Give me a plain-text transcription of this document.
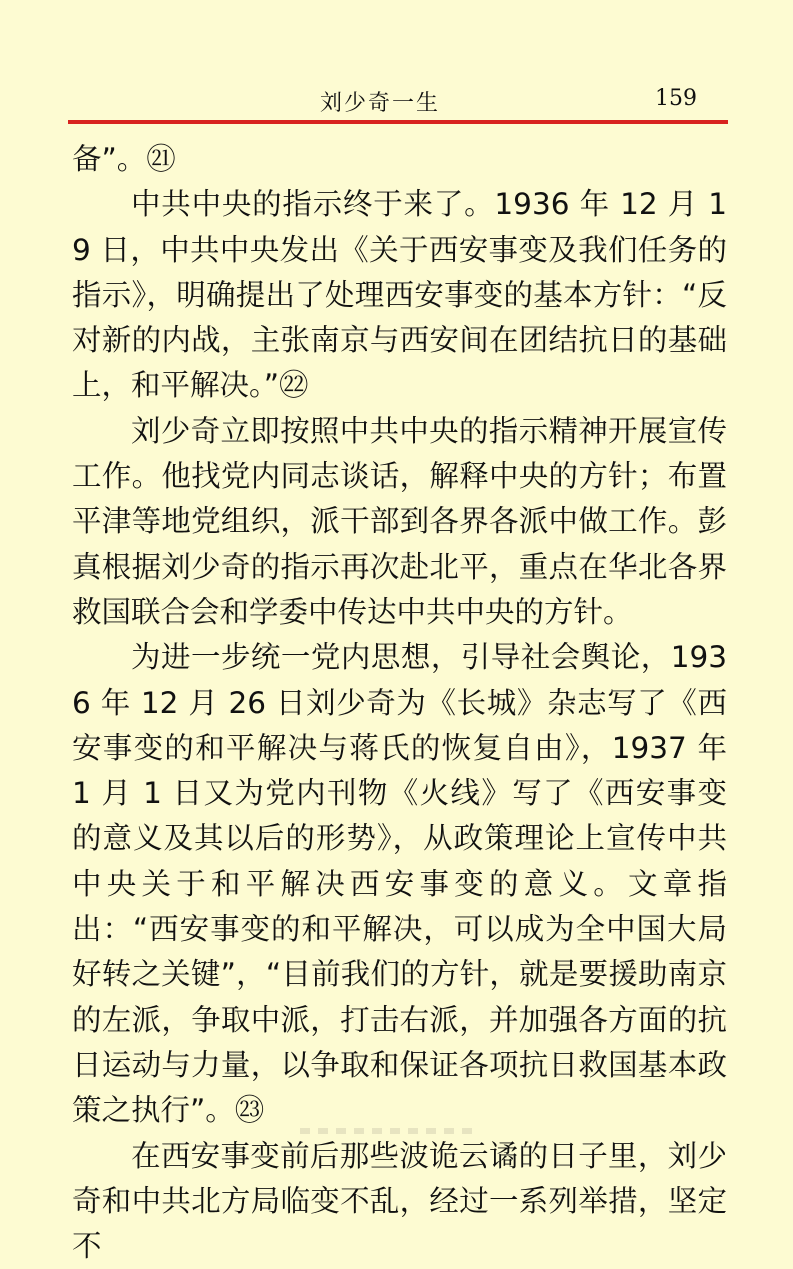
刘少奇一生	159

备”。㉑

中共中央的指示终于来了。1936 年 12 月 19 日，中共中央发出《关于西安事变及我们任务的指示》，明确提出了处理西安事变的基本方针：“反对新的内战，主张南京与西安间在团结抗日的基础上，和平解决。”㉒

刘少奇立即按照中共中央的指示精神开展宣传工作。他找党内同志谈话，解释中央的方针；布置平津等地党组织，派干部到各界各派中做工作。彭真根据刘少奇的指示再次赴北平，重点在华北各界救国联合会和学委中传达中共中央的方针。

为进一步统一党内思想，引导社会舆论，1936 年 12 月 26 日刘少奇为《长城》杂志写了《西安事变的和平解决与蒋氏的恢复自由》，1937 年 1 月 1 日又为党内刊物《火线》写了《西安事变的意义及其以后的形势》，从政策理论上宣传中共中央关于和平解决西安事变的意义。文章指出：“西安事变的和平解决，可以成为全中国大局好转之关键”，“目前我们的方针，就是要援助南京的左派，争取中派，打击右派，并加强各方面的抗日运动与力量，以争取和保证各项抗日救国基本政策之执行”。㉓

在西安事变前后那些波诡云谲的日子里，刘少奇和中共北方局临变不乱，经过一系列举措，坚定不
